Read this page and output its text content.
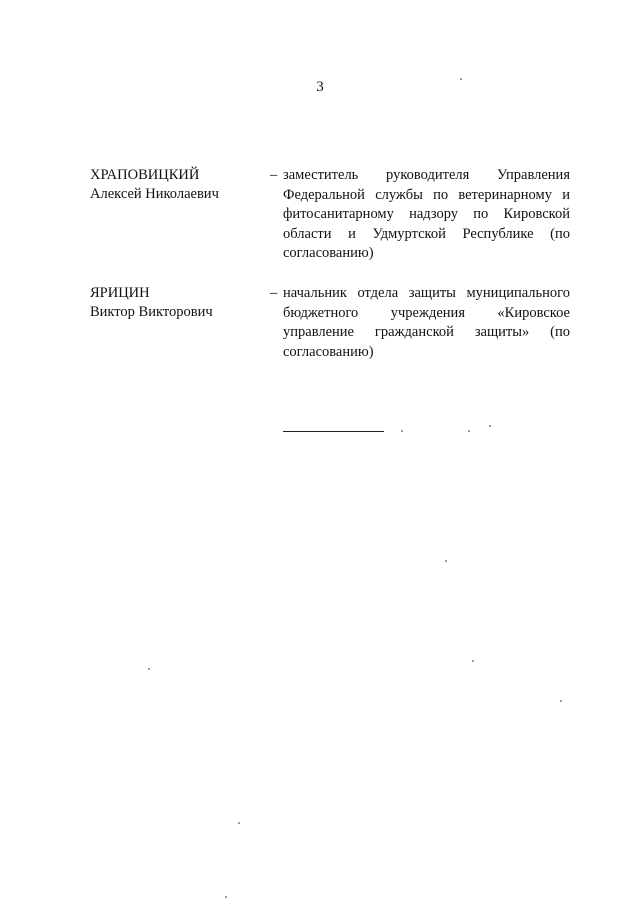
3
ХРАПОВИЦКИЙ
Алексей Николаевич
– заместитель руководителя Управления
Федеральной службы по ветеринарному и
фитосанитарному надзору по Кировской
области и Удмуртской Республике (по
согласованию)
ЯРИЦИН
Виктор Викторович
– начальник отдела защиты муниципального
бюджетного учреждения «Кировское
управление гражданской защиты» (по
согласованию)
